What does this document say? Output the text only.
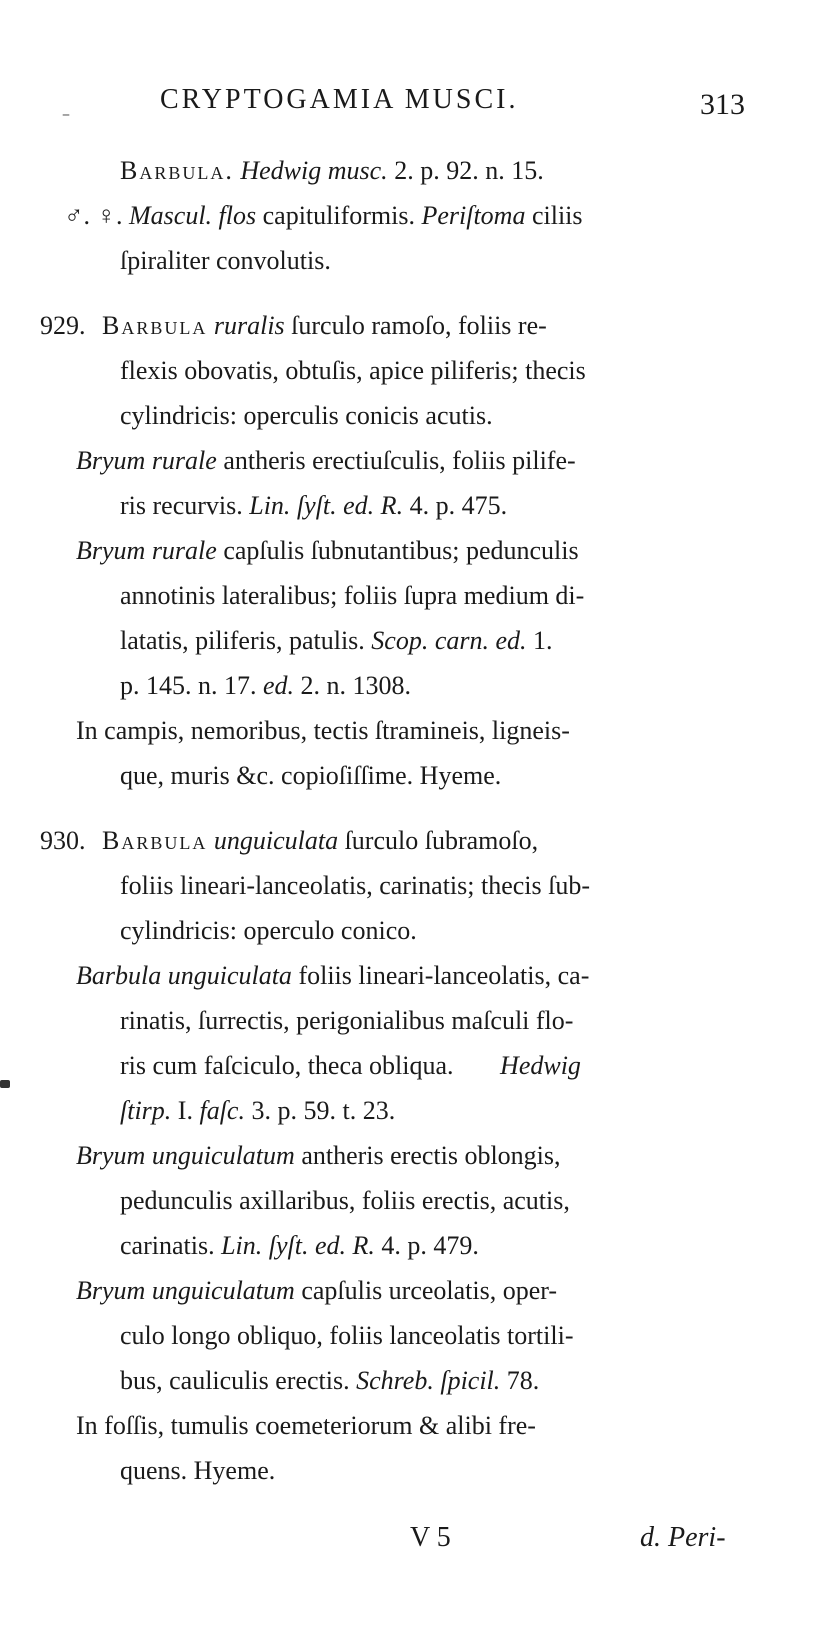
–	CRYPTOGAMIA MUSCI.	313

Barbula. Hedwig musc. 2. p. 92. n. 15.

♂. ♀. Mascul. flos capituliformis. Periſtoma ciliis

ſpiraliter convolutis.

929. Barbula ruralis ſurculo ramoſo, foliis re-

flexis obovatis, obtuſis, apice piliferis; thecis

cylindricis: operculis conicis acutis.

Bryum rurale antheris erectiuſculis, foliis pilife-

ris recurvis. Lin. ſyſt. ed. R. 4. p. 475.

Bryum rurale capſulis ſubnutantibus; pedunculis

annotinis lateralibus; foliis ſupra medium di-

latatis, piliferis, patulis. Scop. carn. ed. 1.

p. 145. n. 17. ed. 2. n. 1308.

In campis, nemoribus, tectis ſtramineis, ligneis-

que, muris &c. copioſiſſime. Hyeme.

930. Barbula unguiculata ſurculo ſubramoſo,

foliis lineari-lanceolatis, carinatis; thecis ſub-

cylindricis: operculo conico.

Barbula unguiculata foliis lineari-lanceolatis, ca-

rinatis, ſurrectis, perigonialibus maſculi flo-

ris cum faſciculo, theca obliqua. Hedwig

ſtirp. I. faſc. 3. p. 59. t. 23.

Bryum unguiculatum antheris erectis oblongis,

pedunculis axillaribus, foliis erectis, acutis,

carinatis. Lin. ſyſt. ed. R. 4. p. 479.

Bryum unguiculatum capſulis urceolatis, oper-

culo longo obliquo, foliis lanceolatis tortili-

bus, cauliculis erectis. Schreb. ſpicil. 78.

In foſſis, tumulis coemeteriorum & alibi fre-

quens. Hyeme.

V 5	d. Peri-
